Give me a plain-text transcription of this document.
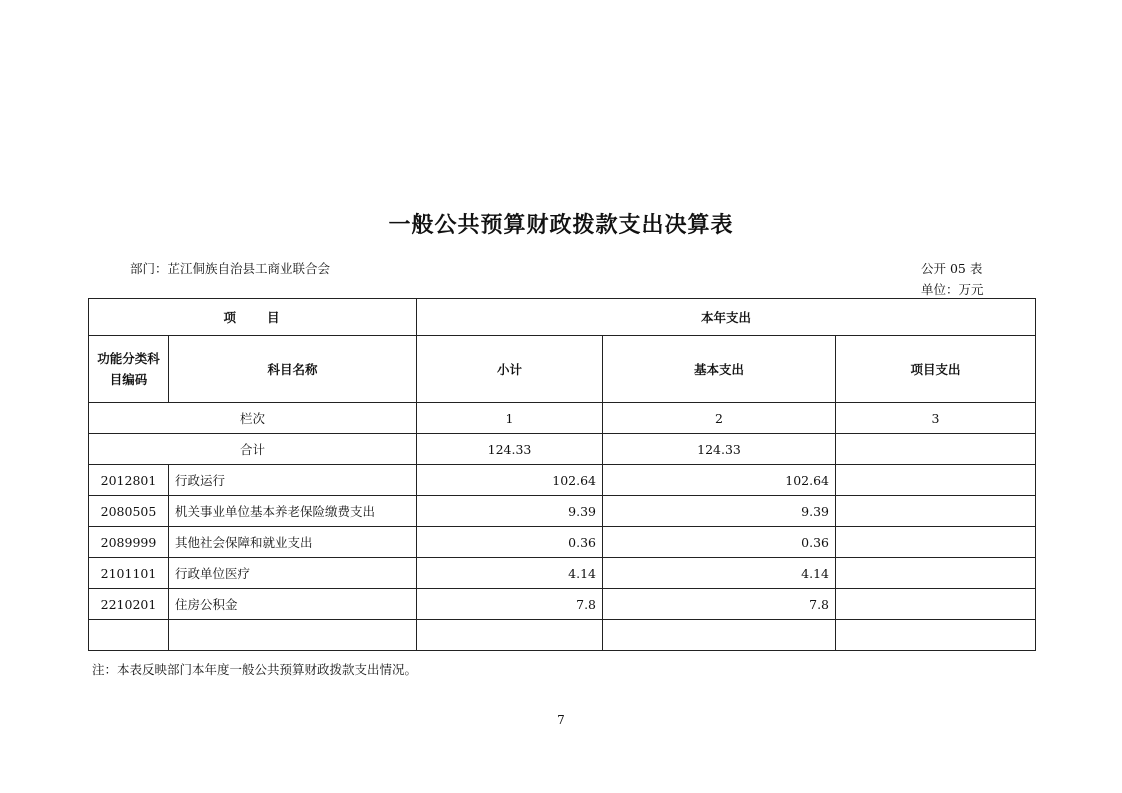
一般公共预算财政拨款支出决算表
部门：芷江侗族自治县工商业联合会	公开 05 表
单位：万元
项　　目		本年支出		
功能分类科目编码	科目名称	小计	基本支出	项目支出
栏次		1	2	3
合计		124.33	124.33	
2012801	行政运行	102.64	102.64	
2080505	机关事业单位基本养老保险缴费支出	9.39	9.39	
2089999	其他社会保障和就业支出	0.36	0.36	
2101101	行政单位医疗	4.14	4.14	
2210201	住房公积金	7.8	7.8	

注：本表反映部门本年度一般公共预算财政拨款支出情况。
7
